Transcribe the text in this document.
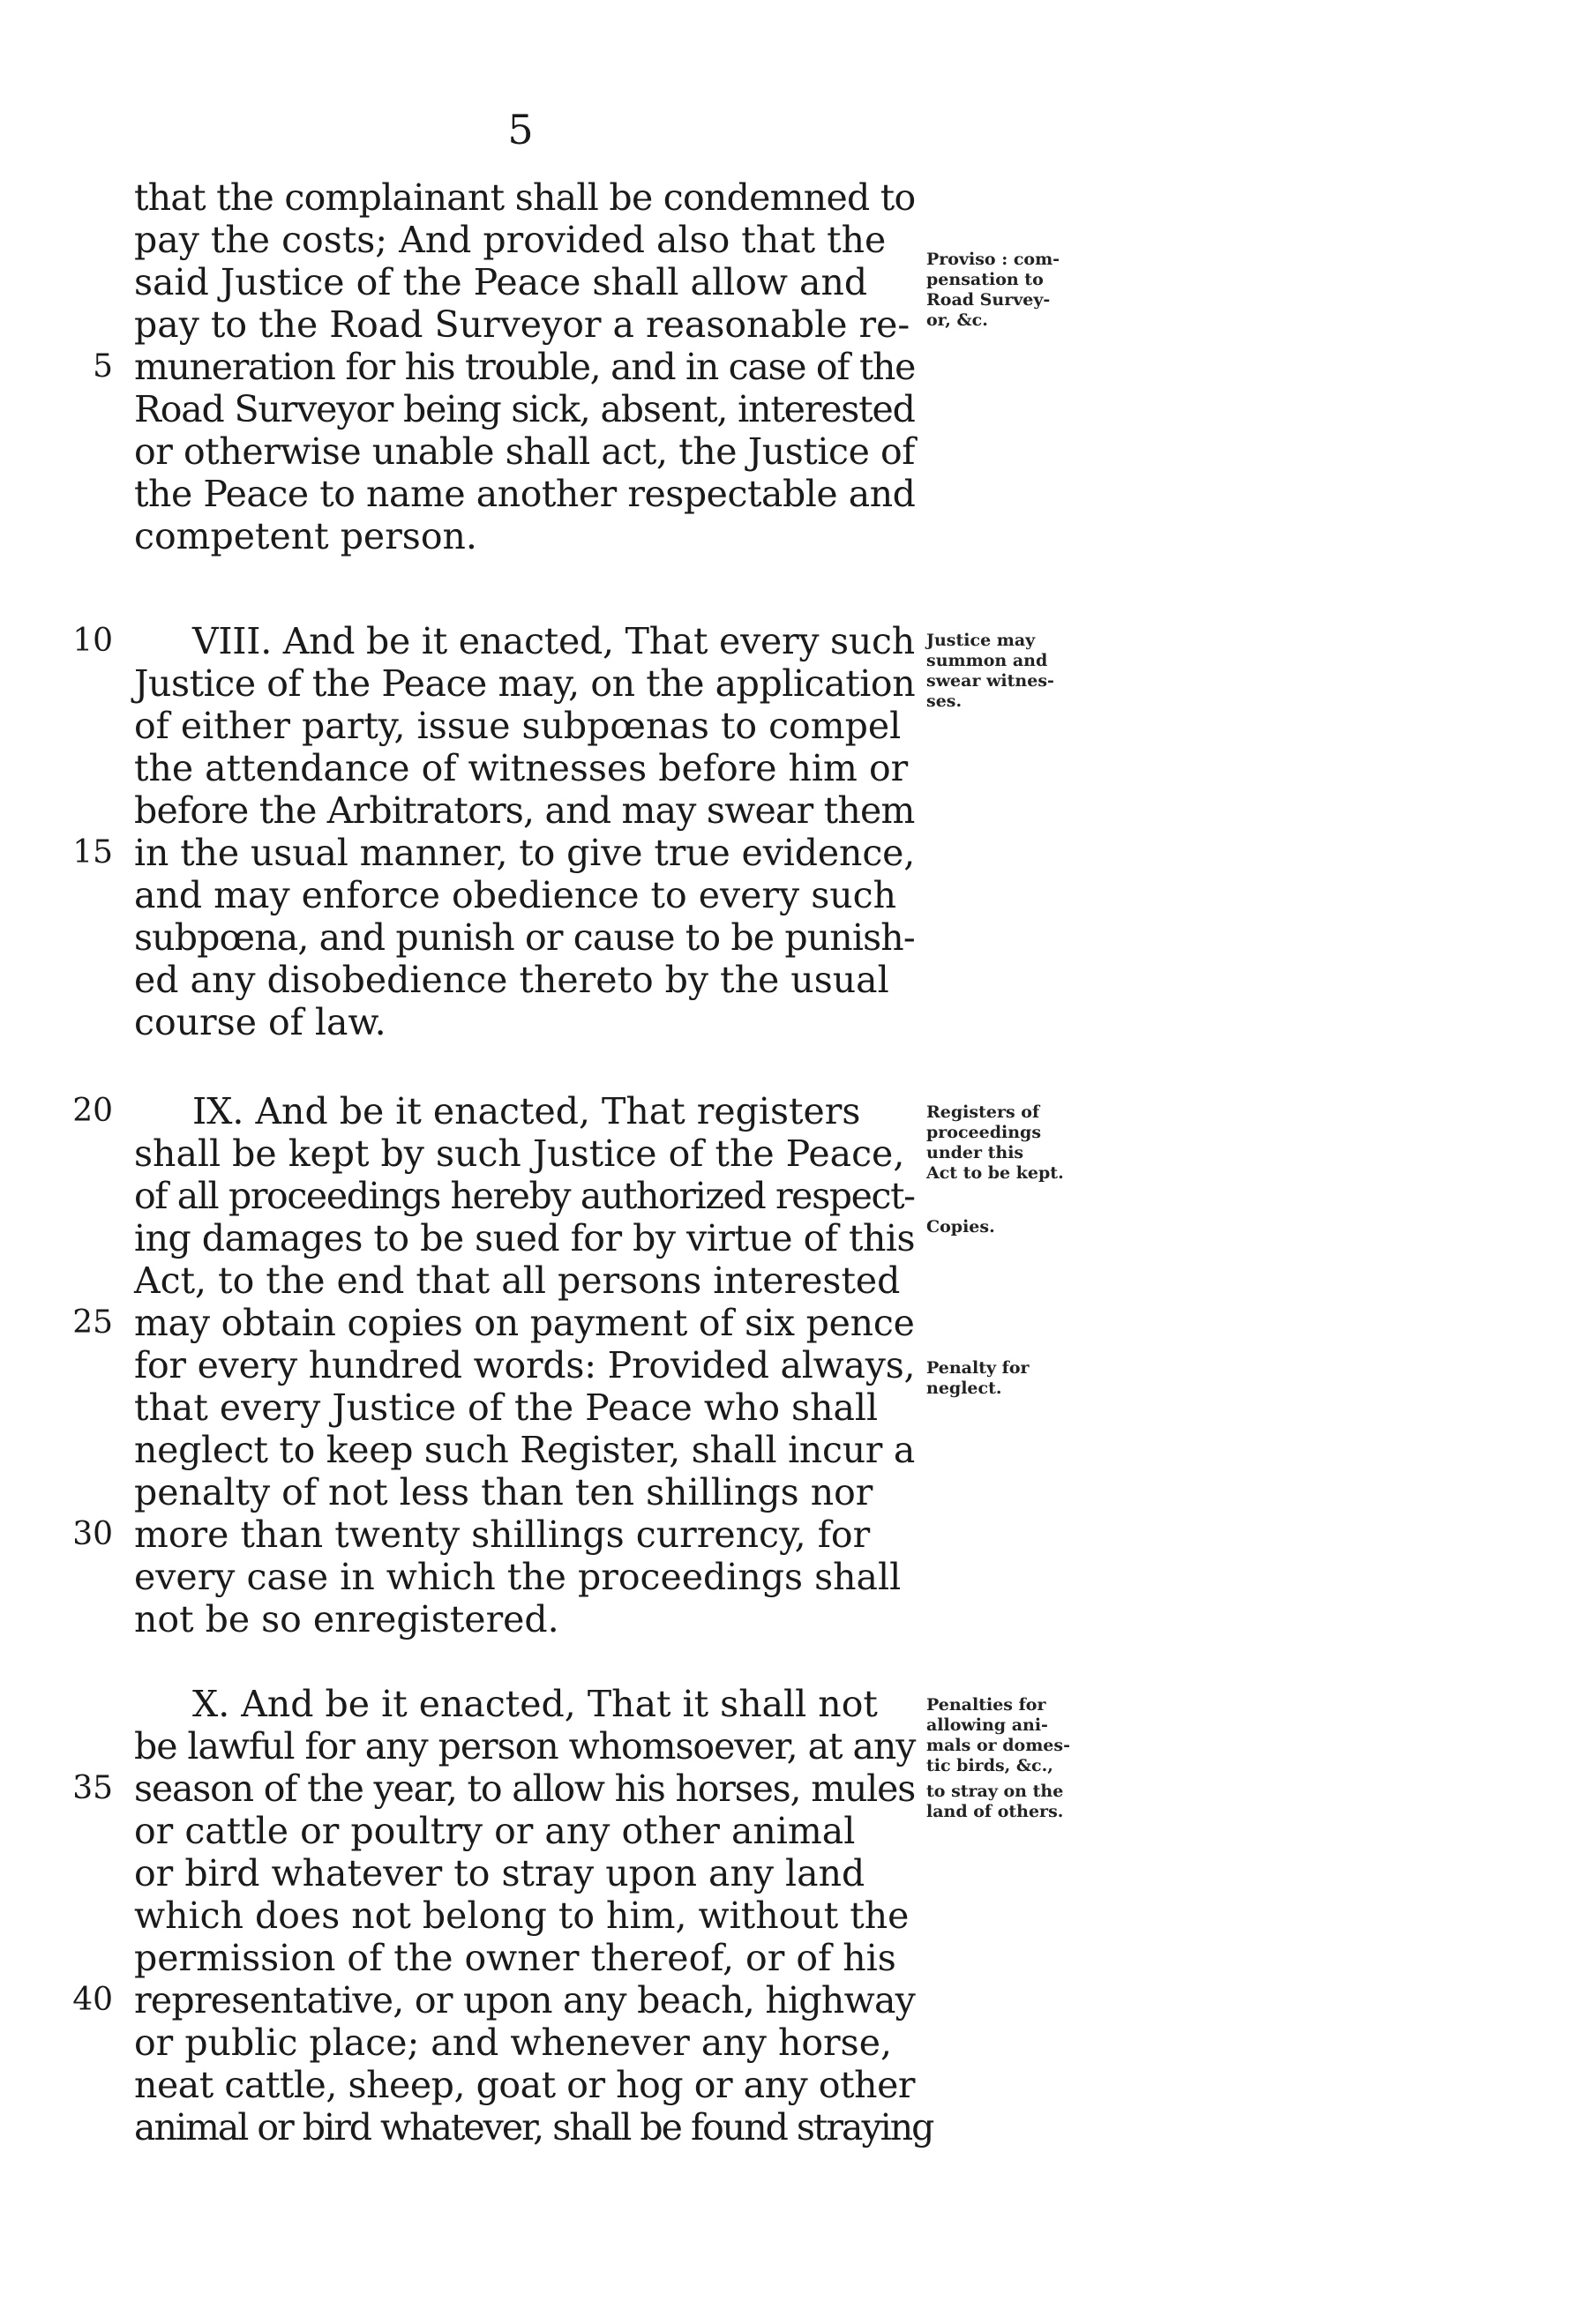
5
that the complainant shall be condemned to
pay the costs; And provided also that the
said Justice of the Peace shall allow and
pay to the Road Surveyor a reasonable re-
muneration for his trouble, and in case of the
Road Surveyor being sick, absent, interested
or otherwise unable shall act, the Justice of
the Peace to name another respectable and
competent person.
5
Proviso : com-
pensation to
Road Survey-
or, &c.
VIII. And be it enacted, That every such
Justice of the Peace may, on the application
of either party, issue subpœnas to compel
the attendance of witnesses before him or
before the Arbitrators, and may swear them
in the usual manner, to give true evidence,
and may enforce obedience to every such
subpœna, and punish or cause to be punish-
ed any disobedience thereto by the usual
course of law.
10
15
Justice may
summon and
swear witnes-
ses.
IX. And be it enacted, That registers
shall be kept by such Justice of the Peace,
of all proceedings hereby authorized respect-
ing damages to be sued for by virtue of this
Act, to the end that all persons interested
may obtain copies on payment of six pence
for every hundred words: Provided always,
that every Justice of the Peace who shall
neglect to keep such Register, shall incur a
penalty of not less than ten shillings nor
more than twenty shillings currency, for
every case in which the proceedings shall
not be so enregistered.
20
25
30
Registers of
proceedings
under this
Act to be kept.
Copies.
Penalty for
neglect.
X. And be it enacted, That it shall not
be lawful for any person whomsoever, at any
season of the year, to allow his horses, mules
or cattle or poultry or any other animal
or bird whatever to stray upon any land
which does not belong to him, without the
permission of the owner thereof, or of his
representative, or upon any beach, highway
or public place; and whenever any horse,
neat cattle, sheep, goat or hog or any other
animal or bird whatever, shall be found straying
35
40
Penalties for
allowing ani-
mals or domes-
tic birds, &c.,
to stray on the
land of others.
